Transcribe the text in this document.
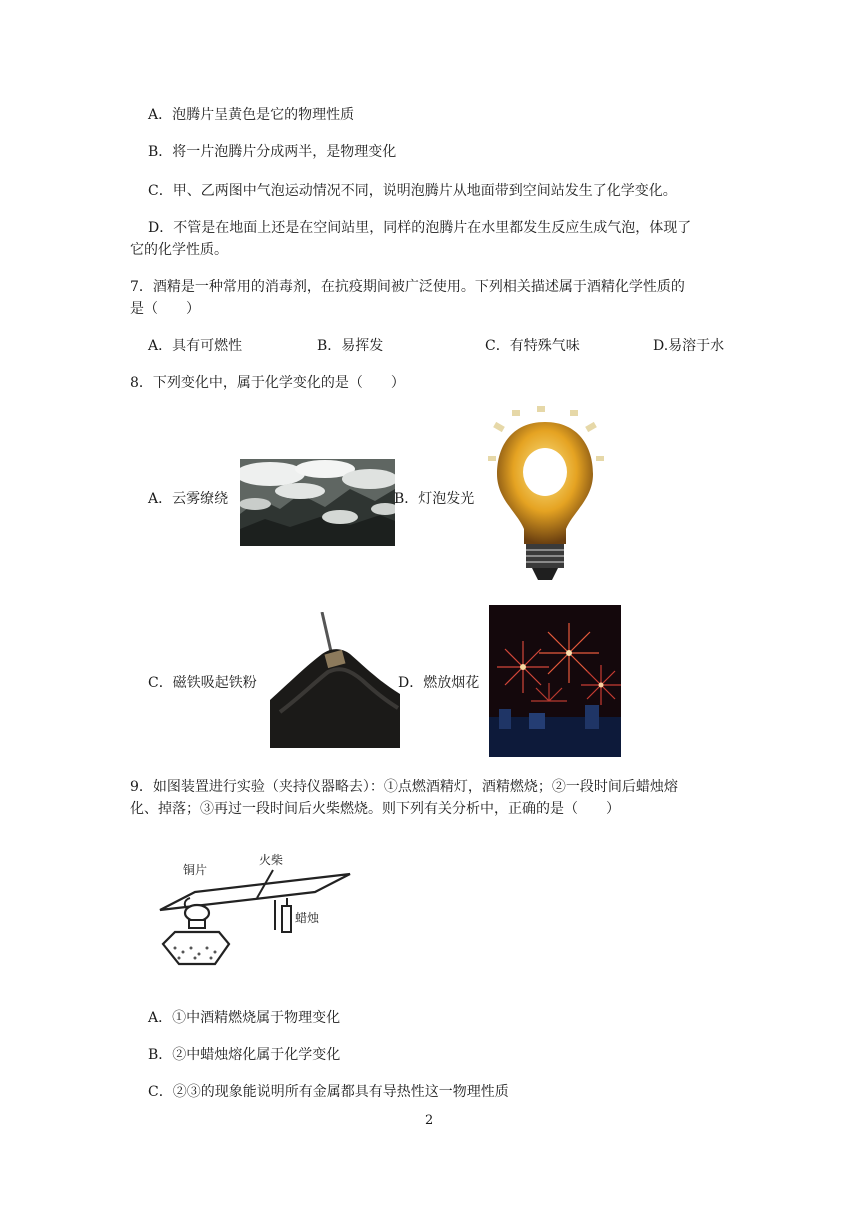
A．泡腾片呈黄色是它的物理性质
B．将一片泡腾片分成两半，是物理变化
C．甲、乙两图中气泡运动情况不同，说明泡腾片从地面带到空间站发生了化学变化。
D．不管是在地面上还是在空间站里，同样的泡腾片在水里都发生反应生成气泡，体现了
它的化学性质。
7．酒精是一种常用的消毒剂，在抗疫期间被广泛使用。下列相关描述属于酒精化学性质的
是（　　）
A．具有可燃性	B．易挥发	C．有特殊气味	D.易溶于水
8．下列变化中，属于化学变化的是（　　）
A．云雾缭绕	B．灯泡发光
C．磁铁吸起铁粉	D．燃放烟花
9．如图装置进行实验（夹持仪器略去）：①点燃酒精灯，酒精燃烧；②一段时间后蜡烛熔
化、掉落；③再过一段时间后火柴燃烧。则下列有关分析中，正确的是（　　）
铜片
火柴
蜡烛
A．①中酒精燃烧属于物理变化
B．②中蜡烛熔化属于化学变化
C．②③的现象能说明所有金属都具有导热性这一物理性质
2
